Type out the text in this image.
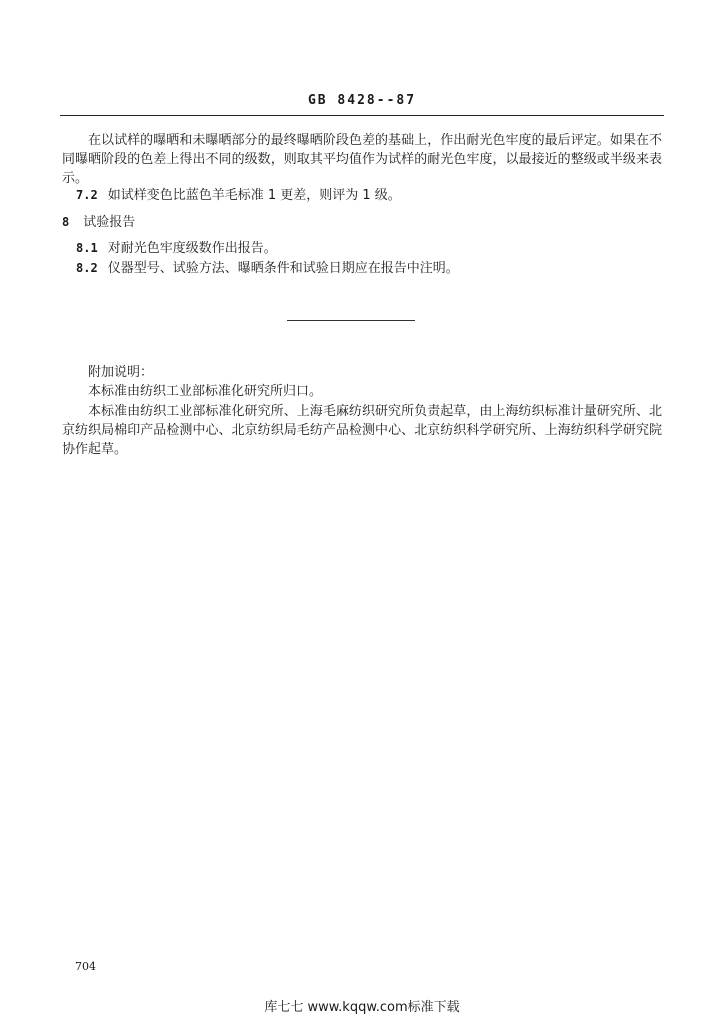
GB 8428--87
在以试样的曝晒和未曝晒部分的最终曝晒阶段色差的基础上，作出耐光色牢度的最后评定。如果在不同曝晒阶段的色差上得出不同的级数，则取其平均值作为试样的耐光色牢度，以最接近的整级或半级来表示。
7.2 如试样变色比蓝色羊毛标准 1 更差，则评为 1 级。
8 试验报告
8.1 对耐光色牢度级数作出报告。
8.2 仪器型号、试验方法、曝晒条件和试验日期应在报告中注明。
附加说明：
本标准由纺织工业部标准化研究所归口。
本标准由纺织工业部标准化研究所、上海毛麻纺织研究所负责起草，由上海纺织标准计量研究所、北京纺织局棉印产品检测中心、北京纺织局毛纺产品检测中心、北京纺织科学研究所、上海纺织科学研究院协作起草。
704
库七七 www.kqqw.com标准下载
